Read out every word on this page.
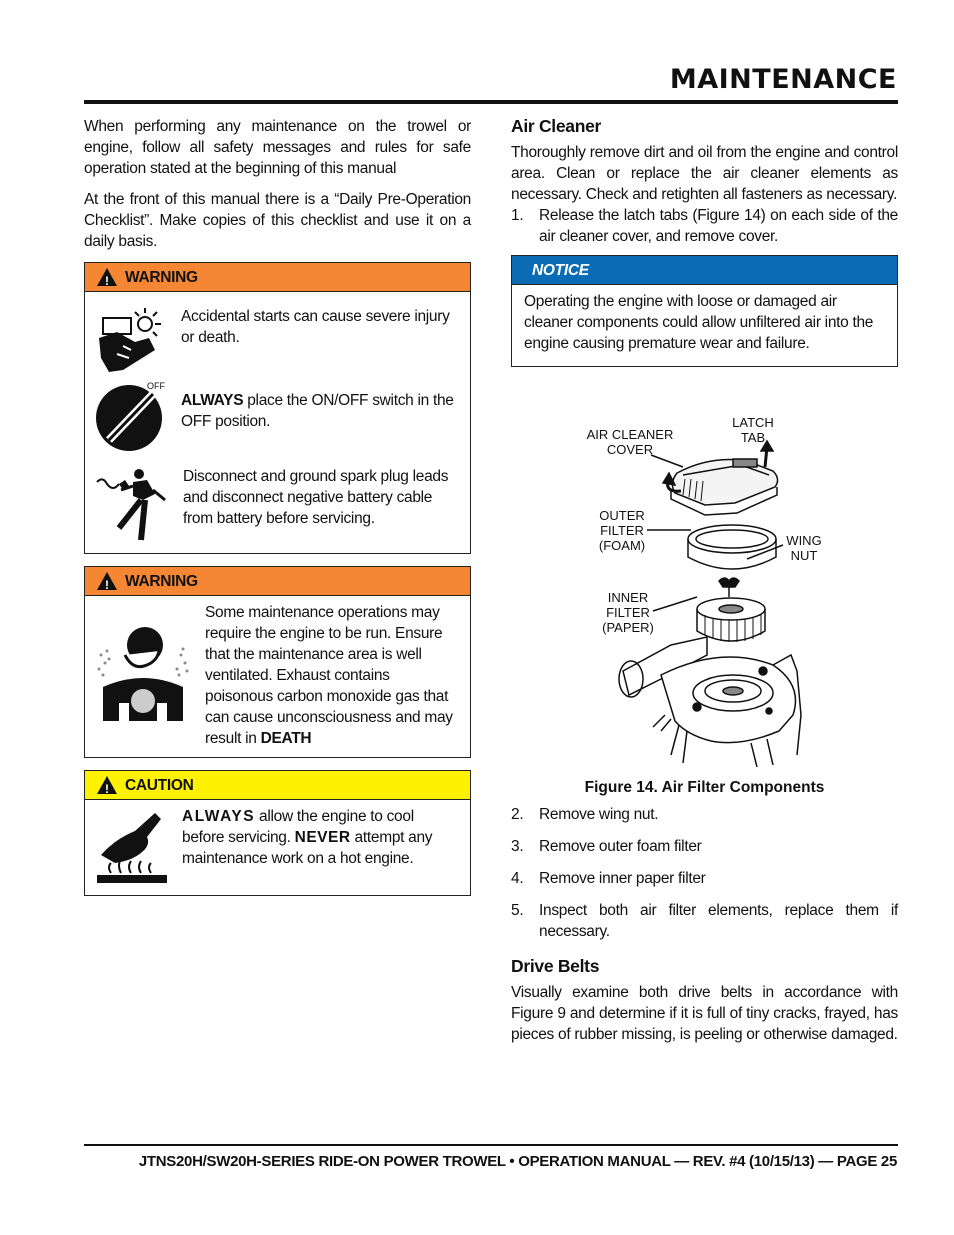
MAINTENANCE

When performing any maintenance on the trowel or engine, follow all safety messages and rules for safe operation stated at the beginning of this manual

At the front of this manual there is a “Daily Pre-Operation Checklist”. Make copies of this checklist and use it on a daily basis.

! WARNING
Accidental starts can cause severe injury or death.
OFF
ALWAYS place the ON/OFF switch in the OFF position.
Disconnect and ground spark plug leads and disconnect negative battery cable from battery before servicing.
! WARNING
Some maintenance operations may require the engine to be run. Ensure that the maintenance area is well ventilated. Exhaust contains poisonous carbon monoxide gas that can cause unconsciousness and may result in DEATH
! CAUTION
ALWAYS allow the engine to cool before servicing. NEVER attempt any maintenance work on a hot engine.
Air Cleaner

Thoroughly remove dirt and oil from the engine and control area. Clean or replace the air cleaner elements as necessary. Check and retighten all fasteners as necessary.

1.	Release the latch tabs (Figure 14) on each side of the air cleaner cover, and remove cover.
NOTICE
Operating the engine with loose or damaged air cleaner components could allow unfiltered air into the engine causing premature wear and failure.
AIR CLEANER
COVER
LATCH
TAB
OUTER
FILTER
(FOAM)	WING
NUT
INNER
FILTER
(PAPER)
Figure 14. Air Filter Components
2.	Remove wing nut.
3.	Remove outer foam filter
4.	Remove inner paper filter
5.	Inspect both air filter elements, replace them if necessary.
Drive Belts

Visually examine both drive belts in accordance with Figure 9 and determine if it is full of tiny cracks, frayed, has pieces of rubber missing, is peeling or otherwise damaged.

JTNS20H/SW20H-SERIES RIDE-ON POWER TROWEL • OPERATION MANUAL — REV. #4 (10/15/13) — PAGE 25
